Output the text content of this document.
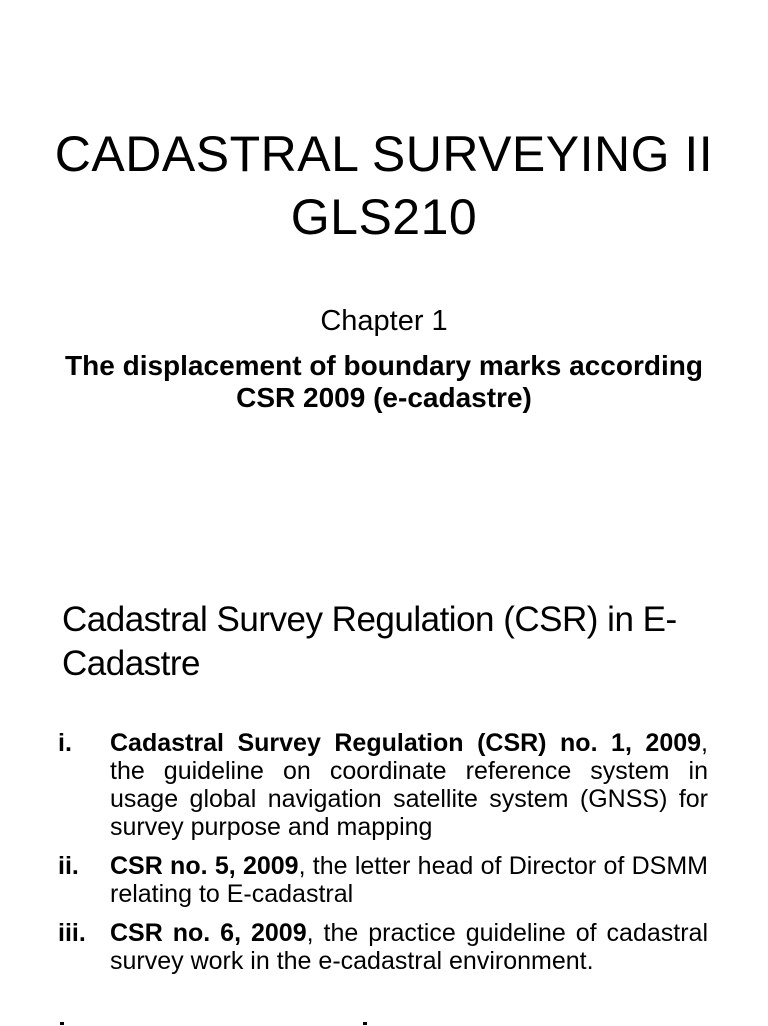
CADASTRAL SURVEYING II
GLS210
Chapter 1
The displacement of boundary marks according CSR 2009 (e-cadastre)
Cadastral Survey Regulation (CSR) in E-Cadastre
i.	Cadastral Survey Regulation (CSR) no. 1, 2009, the guideline on coordinate reference system in usage global navigation satellite system (GNSS) for survey purpose and mapping
ii.	CSR no. 5, 2009, the letter head of Director of DSMM relating to E-cadastral
iii. CSR no. 6, 2009, the practice guideline of cadastral survey work in the e-cadastral environment.
